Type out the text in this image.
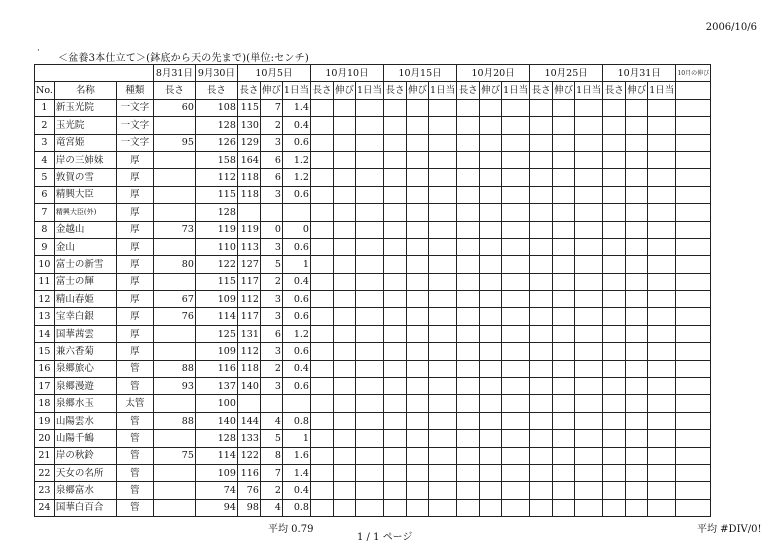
2006/10/6
·
＜盆養3本仕立て＞(鉢底から天の先まで)(単位:センチ)
			8月31日	9月30日	10月5日			10月10日			10月15日			10月20日			10月25日			10月31日			10月の伸び
No.	名称	種類	長さ	長さ	長さ	伸び	1日当	長さ	伸び	1日当	長さ	伸び	1日当	長さ	伸び	1日当	長さ	伸び	1日当	長さ	伸び	1日当	
1	新玉光院	一文字	60	108	115	7	1.4																
2	玉光院	一文字		128	130	2	0.4																
3	竜宮姫	一文字	95	126	129	3	0.6																
4	岸の三姉妹	厚		158	164	6	1.2																
5	敦賀の雪	厚		112	118	6	1.2																
6	精興大臣	厚		115	118	3	0.6																
7	精興大臣(外)	厚		128																			
8	金越山	厚	73	119	119	0	0																
9	金山	厚		110	113	3	0.6																
10	富士の新雪	厚	80	122	127	5	1																
11	富士の輝	厚		115	117	2	0.4																
12	精山春姫	厚	67	109	112	3	0.6																
13	宝幸白銀	厚	76	114	117	3	0.6																
14	国華茜雲	厚		125	131	6	1.2																
15	兼六香菊	厚		109	112	3	0.6																
16	泉郷旅心	管	88	116	118	2	0.4																
17	泉郷漫遊	管	93	137	140	3	0.6																
18	泉郷水玉	太管		100																			
19	山陽雲水	管	88	140	144	4	0.8																
20	山陽千鶴	管		128	133	5	1																
21	岸の秋鈴	管	75	114	122	8	1.6																
22	天女の名所	管		109	116	7	1.4																
23	泉郷富水	管		74	76	2	0.4																
24	国華白百合	管		94	98	4	0.8																
平均 0.79
1 / 1 ページ
平均 #DIV/0!
